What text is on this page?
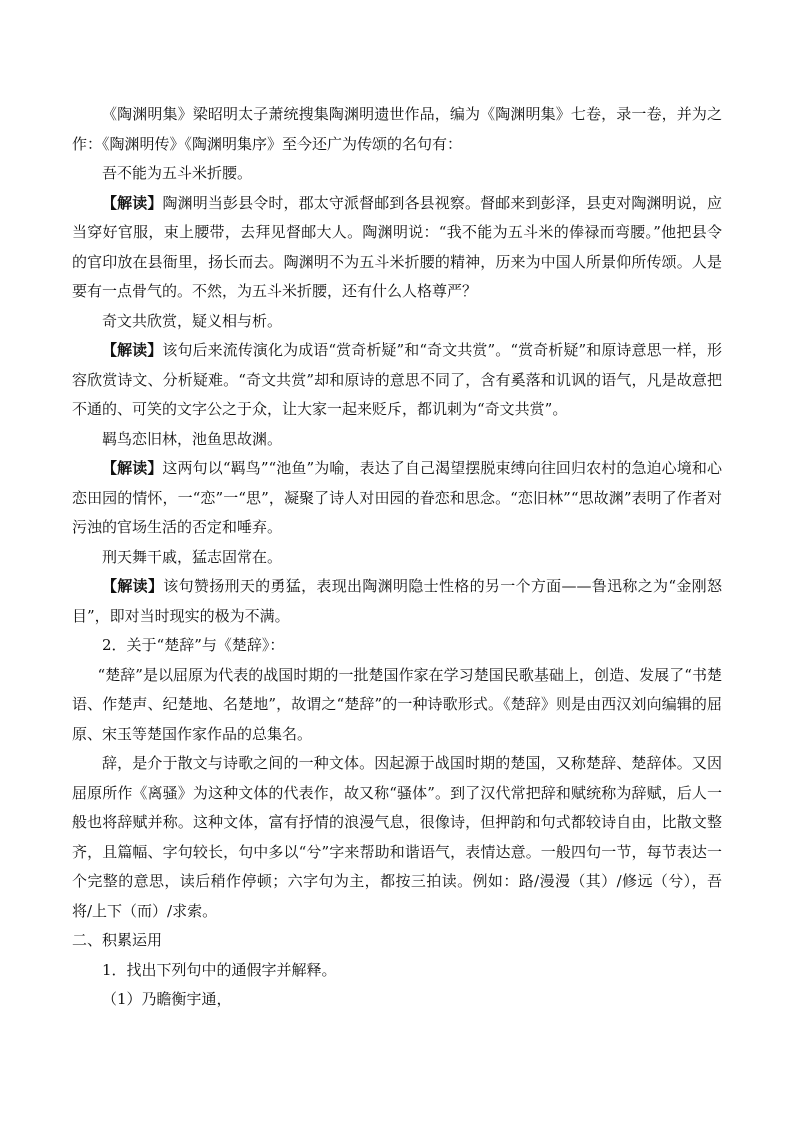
《陶渊明集》梁昭明太子萧统搜集陶渊明遗世作品，编为《陶渊明集》七卷，录一卷，并为之作：《陶渊明传》《陶渊明集序》至今还广为传颂的名句有：

吾不能为五斗米折腰。

【解读】陶渊明当彭县令时，郡太守派督邮到各县视察。督邮来到彭泽，县吏对陶渊明说，应当穿好官服，束上腰带，去拜见督邮大人。陶渊明说：“我不能为五斗米的俸禄而弯腰。”他把县令的官印放在县衙里，扬长而去。陶渊明不为五斗米折腰的精神，历来为中国人所景仰所传颂。人是要有一点骨气的。不然，为五斗米折腰，还有什么人格尊严？

奇文共欣赏，疑义相与析。

【解读】该句后来流传演化为成语“赏奇析疑”和“奇文共赏”。“赏奇析疑”和原诗意思一样，形容欣赏诗文、分析疑难。“奇文共赏”却和原诗的意思不同了，含有奚落和讥讽的语气，凡是故意把不通的、可笑的文字公之于众，让大家一起来贬斥，都讥刺为“奇文共赏”。

羁鸟恋旧林，池鱼思故渊。

【解读】这两句以“羁鸟”“池鱼”为喻，表达了自己渴望摆脱束缚向往回归农村的急迫心境和心恋田园的情怀，一“恋”一“思”，凝聚了诗人对田园的眷恋和思念。“恋旧林”“思故渊”表明了作者对污浊的官场生活的否定和唾弃。

刑天舞干戚，猛志固常在。

【解读】该句赞扬刑天的勇猛，表现出陶渊明隐士性格的另一个方面——鲁迅称之为“金刚怒目”，即对当时现实的极为不满。

2．关于“楚辞”与《楚辞》：

“楚辞”是以屈原为代表的战国时期的一批楚国作家在学习楚国民歌基础上，创造、发展了“书楚语、作楚声、纪楚地、名楚地”，故谓之“楚辞”的一种诗歌形式。《楚辞》则是由西汉刘向编辑的屈原、宋玉等楚国作家作品的总集名。

辞，是介于散文与诗歌之间的一种文体。因起源于战国时期的楚国，又称楚辞、楚辞体。又因屈原所作《离骚》为这种文体的代表作，故又称“骚体”。到了汉代常把辞和赋统称为辞赋，后人一般也将辞赋并称。这种文体，富有抒情的浪漫气息，很像诗，但押韵和句式都较诗自由，比散文整齐，且篇幅、字句较长，句中多以“兮”字来帮助和谐语气，表情达意。一般四句一节，每节表达一个完整的意思，读后稍作停顿；六字句为主，都按三拍读。例如：路/漫漫（其）/修远（兮），吾将/上下（而）/求索。

二、积累运用

1．找出下列句中的通假字并解释。

（1）乃瞻衡宇通，
